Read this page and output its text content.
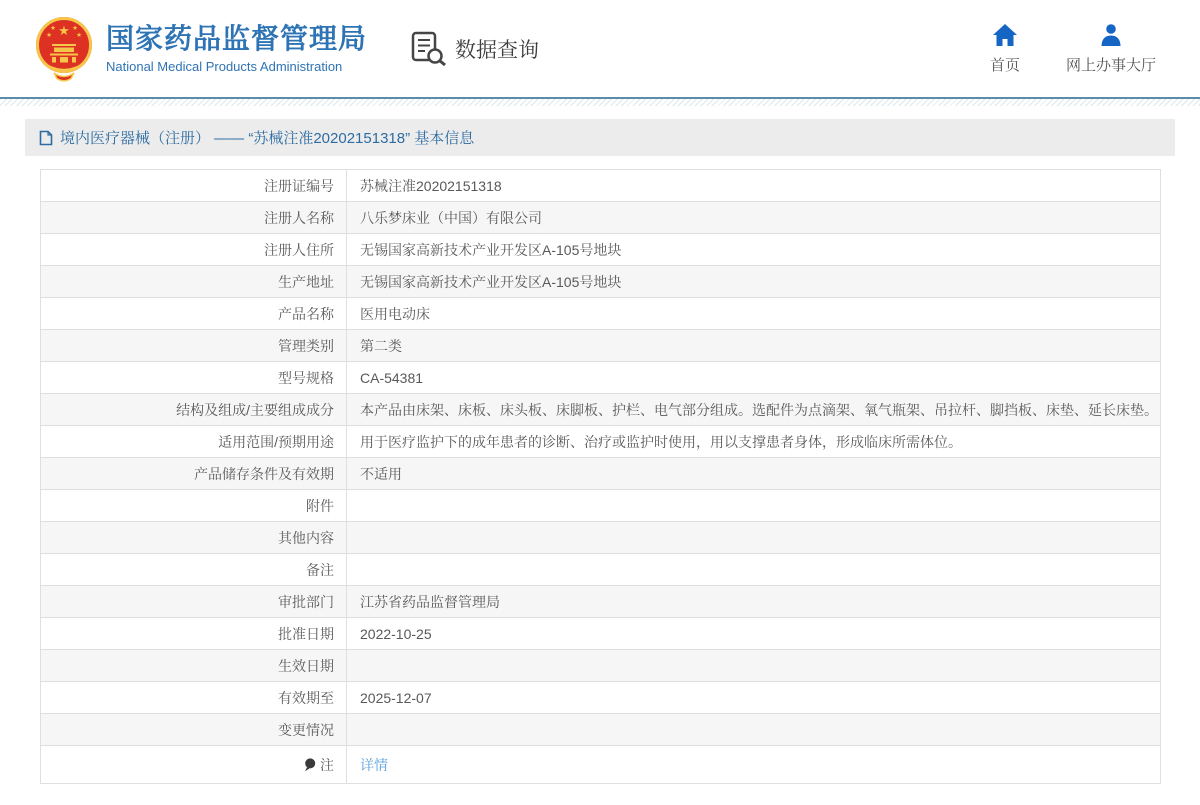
★
★ ★
★	★ 国家药品监督管理局
National Medical Products Administration
数据查询
首页	网上办事大厅
境内医疗器械（注册） —— “苏械注准20202151318” 基本信息
注册证编号 苏械注准20202151318
注册人名称 八乐梦床业（中国）有限公司
注册人住所 无锡国家高新技术产业开发区A-105号地块
生产地址 无锡国家高新技术产业开发区A-105号地块
产品名称 医用电动床
管理类别 第二类
型号规格 CA-54381
结构及组成/主要组成成分 本产品由床架、床板、床头板、床脚板、护栏、电气部分组成。选配件为点滴架、氧气瓶架、吊拉杆、脚挡板、床垫、延长床垫。
适用范围/预期用途 用于医疗监护下的成年患者的诊断、治疗或监护时使用，用以支撑患者身体，形成临床所需体位。
产品储存条件及有效期 不适用
附件
其他内容
备注
审批部门 江苏省药品监督管理局
批准日期 2022-10-25
生效日期
有效期至 2025-12-07
变更情况
注 详情
